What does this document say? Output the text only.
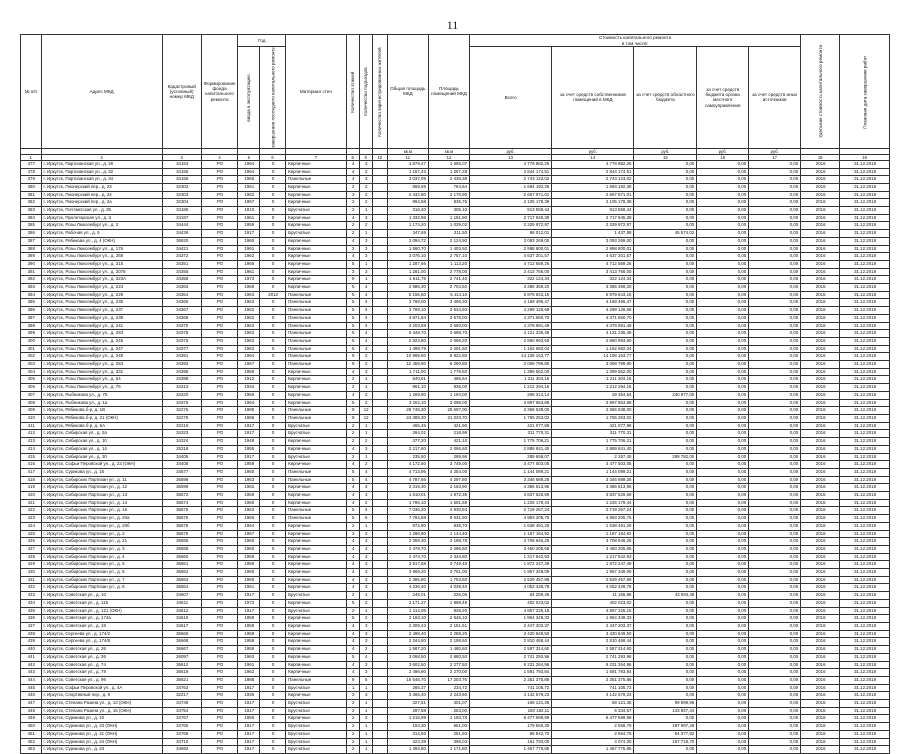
11
№ п/п	Адрес МКД	Кадастровый (условный) номер МКД	Формирование фонда капитального ремонта	Год		Материал стен	Количество этажей	Количество подъездов	Количество зарегистрированных жителей	Общая площадь МКД	Площадь помещений МКД	Стоимость капитального ремонта
в том числе:					Удельная стоимость капитального ремонта	Плановая дата завершения работ
				ввода в эксплуатацию	завершения последнего капитального ремонта							Всего	за счет средств собственников помещений в МКД	за счет средств областного бюджета	за счет средств бюджета органа местного самоуправления	за счет средств иных источников		
										кв.м	кв.м	руб.	руб.	руб.	руб.	руб.		
1	2	3	4	5	6	7	8	9	10	11	12	13	14	15	16	17	18	19
377	г. Иркутск, Партизанская ул., д. 28	34153	РО	1964	0	Кирпичные	4	3		1 879,47	1 695,07	4 778 882,26	4 778 882,26	0,00	0,00	0,00	2016	31.12.2018
378	г. Иркутск, Партизанская ул., д. 32	34155	РО	1964	0	Кирпичные	4	2		1 157,43	1 267,28	2 844 174,51	2 844 174,51	0,00	0,00	0,00	2016	31.12.2018
379	г. Иркутск, Партизанская ул., д. 34	34156	РО	1966	0	Панельные	4	3		3 037,09	2 436,38	2 743 123,02	2 743 123,02	0,00	0,00	0,00	2016	31.12.2018
380	г. Иркутск, Пионерский пер., д. 23	32302	РО	1961	0	Кирпичные	2	2		869,69	784,64	1 694 192,36	1 694 192,36	0,00	0,00	0,00	2016	31.12.2018
381	г. Иркутск, Пионерский пер., д. 24	32303	РО	1962	0	Кирпичные	3	2		2 432,80	2 170,90	2 667 971,01	2 667 971,01	0,00	0,00	0,00	2016	31.12.2018
382	г. Иркутск, Пионерский пер., д. 2а	32304	РО	1957	0	Кирпичные	2	2		994,58	836,76	2 105 178,39	2 105 178,39	0,00	0,00	0,00	2016	31.12.2018
383	г. Иркутск, Почтамтская ул., д. 35	34185	РО	1910	0	Брусчатые	2	1		316,40	305,10	913 558,44	913 558,44	0,00	0,00	0,00	2016	31.12.2018
384	г. Иркутск, Пролетарская ул., д. 3	34187	РО	1961	0	Кирпичные	4	3		1 332,98	1 191,90	2 717 945,39	2 717 945,39	0,00	0,00	0,00	2016	31.12.2018
385	г. Иркутск, Розы Люксембург ул., д. 2	34444	РО	1959	0	Кирпичные	2	2		1 174,20	1 039,02	2 329 972,97	2 329 972,97	0,00	0,00	0,00	2016	31.12.2018
386	г. Иркутск, Рабочая ул., д. 5	34436	РО	1917	0	Брусчатые	2	1		347,69	311,50	86 012,01	1 437,88	45 574,02	0,00	0,00	2016	31.12.2018
387	г. Иркутск, Рябикова ул., д. 4 (ОКН)	36920	РО	1960	0	Кирпичные	4	3		2 094,72	2 124,90	3 093 269,00	3 093 269,00	0,00	0,00	0,00	2016	31.12.2018
388	г. Иркутск, Розы Люксембург ул., д. 176	34421	РО	1961	0	Кирпичные	3	3		1 560,70	1 403,50	2 998 800,01	2 998 800,01	0,00	0,00	0,00	2016	31.12.2018
389	г. Иркутск, Розы Люксембург ул., д. 268	34372	РО	1962	0	Кирпичные	4	3		3 076,10	2 757,10	4 637 201,57	4 637 201,57	0,00	0,00	0,00	2016	31.12.2018
390	г. Иркутск, Розы Люксембург ул., д. 315	34351	РО	1965	0	Кирпичные	5	1		1 287,66	1 113,20	4 712 569,26	4 712 569,26	0,00	0,00	0,00	2016	31.12.2018
391	г. Иркутск, Розы Люксембург ул., д. 2078	34355	РО	1961	0	Кирпичные	3	3		1 281,00	2 778,00	3 413 766,00	3 413 766,00	0,00	0,00	0,00	2016	31.12.2018
392	г. Иркутск, Розы Люксембург ул., д. 323А	34358	РО	1973	0	Кирпичные	9	1		1 611,78	2 741,40	322 124,34	322 124,34	0,00	0,00	0,00	2016	31.12.2018
393	г. Иркутск, Розы Люксембург ул., д. 223	34363	РО	1968	0	Кирпичные	5	4		2 986,30	2 704,50	3 385 369,20	3 385 369,20	0,00	0,00	0,00	2016	31.12.2018
394	г. Иркутск, Розы Люксембург ул., д. 229	34364	РО	1963	2012	Панельные	5	4		5 156,50	5 114,10	5 979 843,16	5 979 843,16	0,00	0,00	0,00	2016	31.12.2018
395	г. Иркутск, Розы Люксембург ул., д. 235	34366	РО	1963	0	Панельные	5	4		3 789,00	3 496,30	4 169 496,47	4 169 496,47	0,00	0,00	0,00	2016	31.12.2018
396	г. Иркутск, Розы Люксембург ул., д. 237	34367	РО	1962	0	Панельные	5	4		3 789,10	3 534,60	4 299 126,68	4 299 126,68	0,00	0,00	0,00	2016	31.12.2018
397	г. Иркутск, Розы Люксембург ул., д. 239	34368	РО	1962	0	Панельные	5	4		3 871,84	3 576,00	4 371 650,70	4 371 650,70	0,00	0,00	0,00	2016	31.12.2018
398	г. Иркутск, Розы Люксембург ул., д. 241	34370	РО	1963	0	Панельные	5	4		4 203,58	3 660,00	4 378 891,49	4 378 891,49	0,00	0,00	0,00	2016	31.12.2018
399	г. Иркутск, Розы Люксембург ул., д. 253	34378	РО	1963	0	Панельные	5	4		5 448,70	3 688,70	4 121 235,48	4 121 235,48	0,00	0,00	0,00	2016	31.12.2018
400	г. Иркутск, Розы Люксембург ул., д. 245	34376	РО	1963	0	Панельные	5	4		2 323,80	2 096,20	2 860 993,60	2 860 993,60	0,00	0,00	0,00	2016	31.12.2018
401	г. Иркутск, Розы Люксембург ул., д. 247	34377	РО	1963	0	Панельные	5	3		1 499,79	2 291,50	1 162 682,04	1 162 682,04	0,00	0,00	0,00	2016	31.12.2018
402	г. Иркутск, Розы Люксембург ул., д. 249	34391	РО	1964	0	Панельные	9	2		10 999,60	9 822,80	14 108 163,77	14 108 163,77	0,00	0,00	0,00	2016	31.12.2018
403	г. Иркутск, Розы Люксембург ул., д. 253	34393	РО	1967	0	Панельные	9	2		12 459,90	6 290,80	3 069 799,80	3 069 799,80	0,00	0,00	0,00	2016	31.12.2018
404	г. Иркутск, Розы Люксембург ул., д. 331	34395	РО	1959	0	Кирпичные	4	3		1 711,00	1 779,60	1 399 562,00	1 399 562,00	0,00	0,00	0,00	2016	31.12.2018
405	г. Иркутск, Розы Люксембург ул., д. 64	34398	РО	1912	0	Кирпичные	2	1		540,61	485,64	1 211 304,16	1 211 304,16	0,00	0,00	0,00	2016	31.12.2018
406	г. Иркутск, Розы Люксембург ул., д. 76	34313	РО	1934	0	Кирпичные	2	1		961,10	836,00	1 212 294,16	1 212 294,16	0,00	0,00	0,00	2016	31.12.2018
407	г. Иркутск, Рыбникова ул., д. 70	34320	РО	1956	0	Кирпичные	4	2		1 269,90	1 194,00	268 314,14	28 354,64	240 977,00	0,00	0,00	2016	31.12.2018
408	г. Иркутск, Рыбникова ул., д. 1а	34376	РО	1964	0	Кирпичные	5	2		3 202,10	3 098,00	3 897 653,88	3 897 653,88	0,00	0,00	0,00	2016	31.12.2018
409	г. Иркутск, Рябикова б-р, д. 1В	32276	РО	1985	0	Панельные	9	12		28 746,30	25 697,00	2 366 538,00	2 366 538,00	0,00	0,00	0,00	2016	31.12.2018
410	г. Иркутск, Рябикова б-р, д. 21 (ОКН)	32279	РО	1986	0	Панельные	9	12		24 389,30	21 033,70	1 755 253,02	1 755 253,02	0,00	0,00	0,00	2016	31.12.2018
411	г. Иркутск, Рябикова б-р, д. 6А	32216	РО	1917	0	Брусчатые	2	1		465,45	421,90	421 077,88	421 077,88	0,00	0,00	0,00	2016	31.12.2018
412	г. Иркутск, Сибирская ул., д. 2а	34323	РО	1917	0	Брусчатые	2	1		264,02	218,99	311 770,31	311 770,31	0,00	0,00	0,00	2016	31.12.2018
413	г. Иркутск, Сибирская ул., д. 10	34324	РО	1948	0	Кирпичные	2	2		477,20	421,10	1 775 706,21	1 775 706,21	0,00	0,00	0,00	2016	31.12.2018
414	г. Иркутск, Сибирская ул., д. 14	25318	РО	1955	0	Кирпичные	4	3		2 217,60	2 066,60	2 889 841,40	2 889 841,40	0,00	0,00	0,00	2016	31.12.2018
415	г. Иркутск, Сибирская ул., д. 30	34405	РО	1917	0	Брусчатые	2	1		235,50	299,96	289 658,07	2 157,45	289 782,00	0,00	0,00	2016	31.12.2018
416	г. Иркутск, Софьи Перовской ул., д. 23 (ОКН)	34408	РО	1959	0	Кирпичные	4	2		4 172,60	3 749,00	3 477 503,05	3 477 503,05	0,00	0,00	0,00	2016	31.12.2018
417	г. Иркутск, Сурикова ул., д. 16	34577	РО	1960	0	Панельные	5	4		4 713,96	4 254,00	1 144 099,21	1 144 099,21	0,00	0,00	0,00	2016	31.12.2018
418	г. Иркутск, Сибирских Партизан ул., д. 11	36598	РО	1963	0	Панельные	5	4		4 787,66	4 297,80	3 346 689,26	3 346 689,26	0,00	0,00	0,00	2016	31.12.2018
419	г. Иркутск, Сибирских Партизан ул., д. 12	36599	РО	1962	0	Кирпичные	4	3		2 319,30	2 163,90	4 386 613,95	4 386 613,95	0,00	0,00	0,00	2016	31.12.2018
420	г. Иркутск, Сибирских Партизан ул., д. 13	36572	РО	1959	0	Кирпичные	4	3		1 610,01	1 972,36	3 837 526,69	3 837 526,69	0,00	0,00	0,00	2016	31.12.2018
421	г. Иркутск, Сибирских Партизан ул., д. 14	36574	РО	1960	0	Кирпичные	4	2		1 786,10	1 591,68	1 225 179,44	1 225 179,44	0,00	0,00	0,00	2016	31.12.2018
422	г. Иркутск, Сибирских Партизан ул., д. 16	36575	РО	1963	0	Панельные	5	4		7 036,20	4 930,94	2 719 267,24	2 719 267,24	0,00	0,00	0,00	2016	31.12.2018
423	г. Иркутск, Сибирских Партизан ул., д. 20а	36576	РО	1965	0	Панельные	5	6		7 784,68	8 031,90	4 993 205,75	4 993 205,75	0,00	0,00	0,00	2016	31.12.2018
424	г. Иркутск, Сибирских Партизан ул., д. 20б	36578	РО	1964	0	Кирпичные	2	1		972,90	836,70	1 638 491,26	1 638 491,26	0,00	0,00	0,00	2016	31.12.2018
425	г. Иркутск, Сибирских Партизан ул., д. 2	36579	РО	1957	0	Кирпичные	3	2		1 286,90	1 144,40	1 187 164,92	1 187 164,92	0,00	0,00	0,00	2016	31.12.2018
426	г. Иркутск, Сибирских Партизан ул., д. 21	36555	РО	1960	0	Кирпичные	4	3		2 359,30	2 198,78	3 708 646,25	3 708 646,25	0,00	0,00	0,00	2016	31.12.2018
427	г. Иркутск, Сибирских Партизан ул., д. 3	36558	РО	1960	0	Кирпичные	4	3		2 478,70	2 296,50	3 450 205,65	3 450 205,65	0,00	0,00	0,00	2016	31.12.2018
428	г. Иркутск, Сибирских Партизан ул., д. 4	36560	РО	1959	0	Кирпичные	4	3		2 474,70	2 334,80	1 217 542,93	1 217 542,93	0,00	0,00	0,00	2016	31.12.2018
429	г. Иркутск, Сибирских Партизан ул., д. 5	36561	РО	1959	0	Кирпичные	4	3		3 917,68	3 749,40	1 872 247,49	1 872 247,49	0,00	0,00	0,00	2016	31.12.2018
430	г. Иркутск, Сибирских Партизан ул., д. 6	36562	РО	1960	0	Кирпичные	4	3		3 969,20	3 761,00	1 957 349,09	1 957 349,09	0,00	0,00	0,00	2016	31.12.2018
431	г. Иркутск, Сибирских Партизан ул., д. 7	36563	РО	1960	0	Кирпичные	4	3		2 385,80	1 753,60	2 529 457,89	2 529 457,89	0,00	0,00	0,00	2016	31.12.2018
432	г. Иркутск, Сибирских Партизан ул., д. 8	36564	РО	1961	0	Кирпичные	4	3		4 236,40	4 039,40	4 052 428,78	4 052 428,78	0,00	0,00	0,00	2016	31.12.2018
433	г. Иркутск, Советская ул., д. 10	34607	РО	1917	0	Брусчатые	2	1		245,01	226,06	54 259,46	11 165,98	43 093,48	0,00	0,00	2016	31.12.2018
434	г. Иркутск, Советская ул., д. 115	34611	РО	1973	0	Кирпичные	5	2		2 171,27	1 989,49	402 023,02	402 023,02	0,00	0,00	0,00	2016	31.12.2018
435	г. Иркутск, Советская ул., д. 121 (ОКН)	34612	РО	1917	0	Брусчатые	2	1		1 114,06	826,20	4 857 225,15	4 857 225,15	0,00	0,00	0,00	2016	31.12.2018
436	г. Иркутск, Советская ул., д. 174а	34616	РО	1959	0	Кирпичные	5	2		2 163,10	2 546,10	1 864 349,33	1 864 349,33	0,00	0,00	0,00	2016	31.12.2018
437	г. Иркутск, Советская ул., д. 18	34617	РО	1958	0	Кирпичные	4	3		2 309,43	2 151,51	2 447 203,37	2 447 203,37	0,00	0,00	0,00	2016	31.12.2018
438	г. Иркутск, Сергеева ул., д. 174/2	36666	РО	1958	0	Кирпичные	4	3		2 498,40	2 288,20	3 420 849,50	3 420 849,50	0,00	0,00	0,00	2016	31.12.2018
439	г. Иркутск, Сергеева ул., д. 174/8	36668	РО	1958	0	Кирпичные	4	3		2 344,50	2 198,60	2 810 468,44	2 810 468,44	0,00	0,00	0,00	2016	31.12.2018
440	г. Иркутск, Советская ул., д. 26	36667	РО	1959	0	Кирпичные	4	2		1 587,20	1 480,60	2 587 314,60	2 587 314,60	0,00	0,00	0,00	2016	31.12.2018
441	г. Иркутск, Советская ул., д. 36	26097	РО	1963	0	Кирпичные	5	4		3 068,50	2 880,50	2 741 293,96	2 741 293,96	0,00	0,00	0,00	2016	31.12.2018
442	г. Иркутск, Советская ул., д. 74	36612	РО	1961	0	Кирпичные	4	3		3 602,50	2 277,50	9 231 264,96	9 231 264,96	0,00	0,00	0,00	2016	31.12.2018
443	г. Иркутск, Советская ул., д. 78	36619	РО	1962	0	Кирпичные	4	3		2 496,90	2 270,00	1 591 793,84	1 591 793,84	0,00	0,00	0,00	2016	31.12.2018
444	г. Иркутск, Советская ул., д. 96	36621	РО	1988	0	Панельные	9	5		15 646,70	17 203,76	2 351 375,86	2 351 375,86	0,00	0,00	0,00	2016	31.12.2018
445	г. Иркутск, Софьи Перовской ул., д. 4А	34763	РО	1917	0	Брусчатые	1	1		265,37	234,72	741 105,72	741 105,72	0,00	0,00	0,00	2016	31.12.2018
446	г. Иркутск, Спортивный пер., д. 9	32217	РО	1936	0	Кирпичные	3	3		3 365,40	2 243,60	4 142 579,23	4 142 579,23	0,00	0,00	0,00	2016	31.12.2018
447	г. Иркутск, Степана Разина ул., д. 13 (ОКН)	34749	РО	1917	0	Брусчатые	2	1		327,61	301,07	169 121,36	69 121,36	99 999,96	0,00	0,00	2016	31.12.2018
448	г. Иркутск, Степана Разина ул., д. 15 (ОКН)	34754	РО	1917	0	Брусчатые	2	1		297,58	253,00	150 182,11	6 334,67	143 847,44	0,00	0,00	2016	31.12.2018
449	г. Иркутск, Сурикова ул., д. 10	34767	РО	1955	0	Кирпичные	2	2		1 215,99	1 193,78	6 477 599,99	6 477 599,99	0,00	0,00	0,00	2016	31.12.2018
450	г. Иркутск, Сурикова ул., д. 23 (ОКН)	34765	РО	1917	0	Брусчатые	2	1		163,30	661,00	179 556,35	2 558,79	187 997,28	0,00	0,00	2016	31.12.2018
451	г. Иркутск, Сурикова ул., д. 21 (ОКН)	34768	РО	1917	0	Брусчатые	2	1		314,66	281,60	96 942,70	2 564,78	94 377,92	0,00	0,00	2016	31.12.2018
452	г. Иркутск, Сурикова ул., д. 24 (ОКН)	34710	РО	1917	0	Брусчатые	2	1		423,39	396,03	161 793,00	4 074,30	157 718,70	0,00	0,00	2016	31.12.2018
453	г. Иркутск, Сурикова ул., д. 23	34692	РО	1917	0	Брусчатые	2	1		1 393,80	1 171,80	1 467 775,85	1 467 775,85	0,00	0,00	0,00	2016	31.12.2018
